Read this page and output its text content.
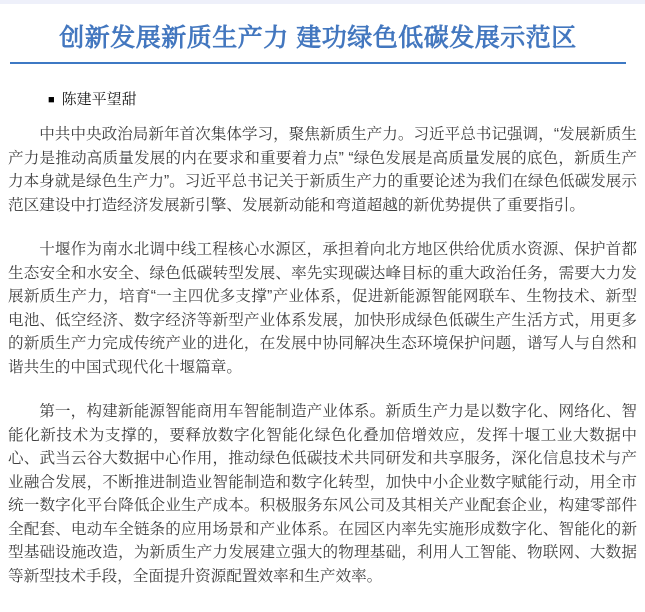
创新发展新质生产力 建功绿色低碳发展示范区
■ 陈建平望甜

中共中央政治局新年首次集体学习，聚焦新质生产力。习近平总书记强调，“发展新质生产力是推动高质量发展的内在要求和重要着力点” “绿色发展是高质量发展的底色，新质生产力本身就是绿色生产力”。习近平总书记关于新质生产力的重要论述为我们在绿色低碳发展示范区建设中打造经济发展新引擎、发展新动能和弯道超越的新优势提供了重要指引。

十堰作为南水北调中线工程核心水源区，承担着向北方地区供给优质水资源、保护首都生态安全和水安全、绿色低碳转型发展、率先实现碳达峰目标的重大政治任务，需要大力发展新质生产力，培育“一主四优多支撑”产业体系，促进新能源智能网联车、生物技术、新型电池、低空经济、数字经济等新型产业体系发展，加快形成绿色低碳生产生活方式，用更多的新质生产力完成传统产业的进化，在发展中协同解决生态环境保护问题，谱写人与自然和谐共生的中国式现代化十堰篇章。

第一，构建新能源智能商用车智能制造产业体系。新质生产力是以数字化、网络化、智能化新技术为支撑的，要释放数字化智能化绿色化叠加倍增效应，发挥十堰工业大数据中心、武当云谷大数据中心作用，推动绿色低碳技术共同研发和共享服务，深化信息技术与产业融合发展，不断推进制造业智能制造和数字化转型，加快中小企业数字赋能行动，用全市统一数字化平台降低企业生产成本。积极服务东风公司及其相关产业配套企业，构建零部件全配套、电动车全链条的应用场景和产业体系。在园区内率先实施形成数字化、智能化的新型基础设施改造，为新质生产力发展建立强大的物理基础，利用人工智能、物联网、大数据等新型技术手段，全面提升资源配置效率和生产效率。
